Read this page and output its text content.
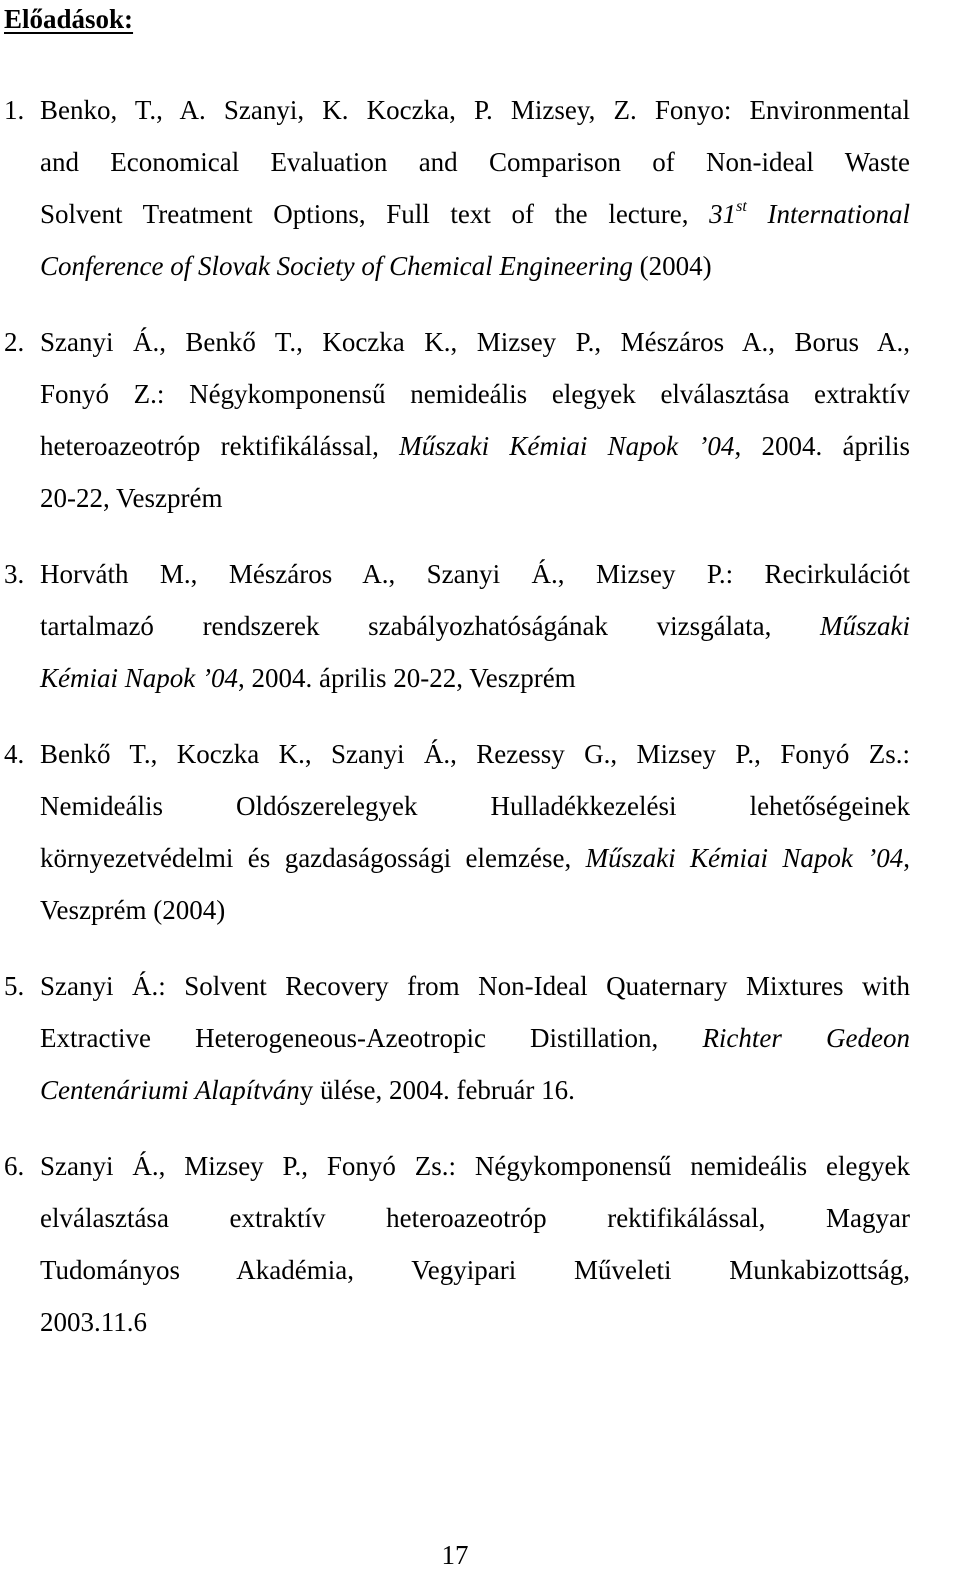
Előadások:
1. Benko, T., A. Szanyi, K. Koczka, P. Mizsey, Z. Fonyo: Environmental
and Economical Evaluation and Comparison of Non-ideal Waste
Solvent Treatment Options, Full text of the lecture, 31st International
Conference of Slovak Society of Chemical Engineering (2004)
2. Szanyi Á., Benkő T., Koczka K., Mizsey P., Mészáros A., Borus A.,
Fonyó Z.: Négykomponensű nemideális elegyek elválasztása extraktív
heteroazeotróp rektifikálással, Műszaki Kémiai Napok ’04, 2004. április
20-22, Veszprém
3. Horváth M., Mészáros A., Szanyi Á., Mizsey P.: Recirkulációt
tartalmazó rendszerek szabályozhatóságának vizsgálata, Műszaki
Kémiai Napok ’04, 2004. április 20-22, Veszprém
4. Benkő T., Koczka K., Szanyi Á., Rezessy G., Mizsey P., Fonyó Zs.:
Nemideális Oldószerelegyek Hulladékkezelési lehetőségeinek
környezetvédelmi és gazdaságossági elemzése, Műszaki Kémiai Napok ’04,
Veszprém (2004)
5. Szanyi Á.: Solvent Recovery from Non-Ideal Quaternary Mixtures with
Extractive Heterogeneous-Azeotropic Distillation, Richter Gedeon
Centenáriumi Alapítvány ülése, 2004. február 16.
6. Szanyi Á., Mizsey P., Fonyó Zs.: Négykomponensű nemideális elegyek
elválasztása extraktív heteroazeotróp rektifikálással, Magyar
Tudományos Akadémia, Vegyipari Műveleti Munkabizottság,
2003.11.6
17
